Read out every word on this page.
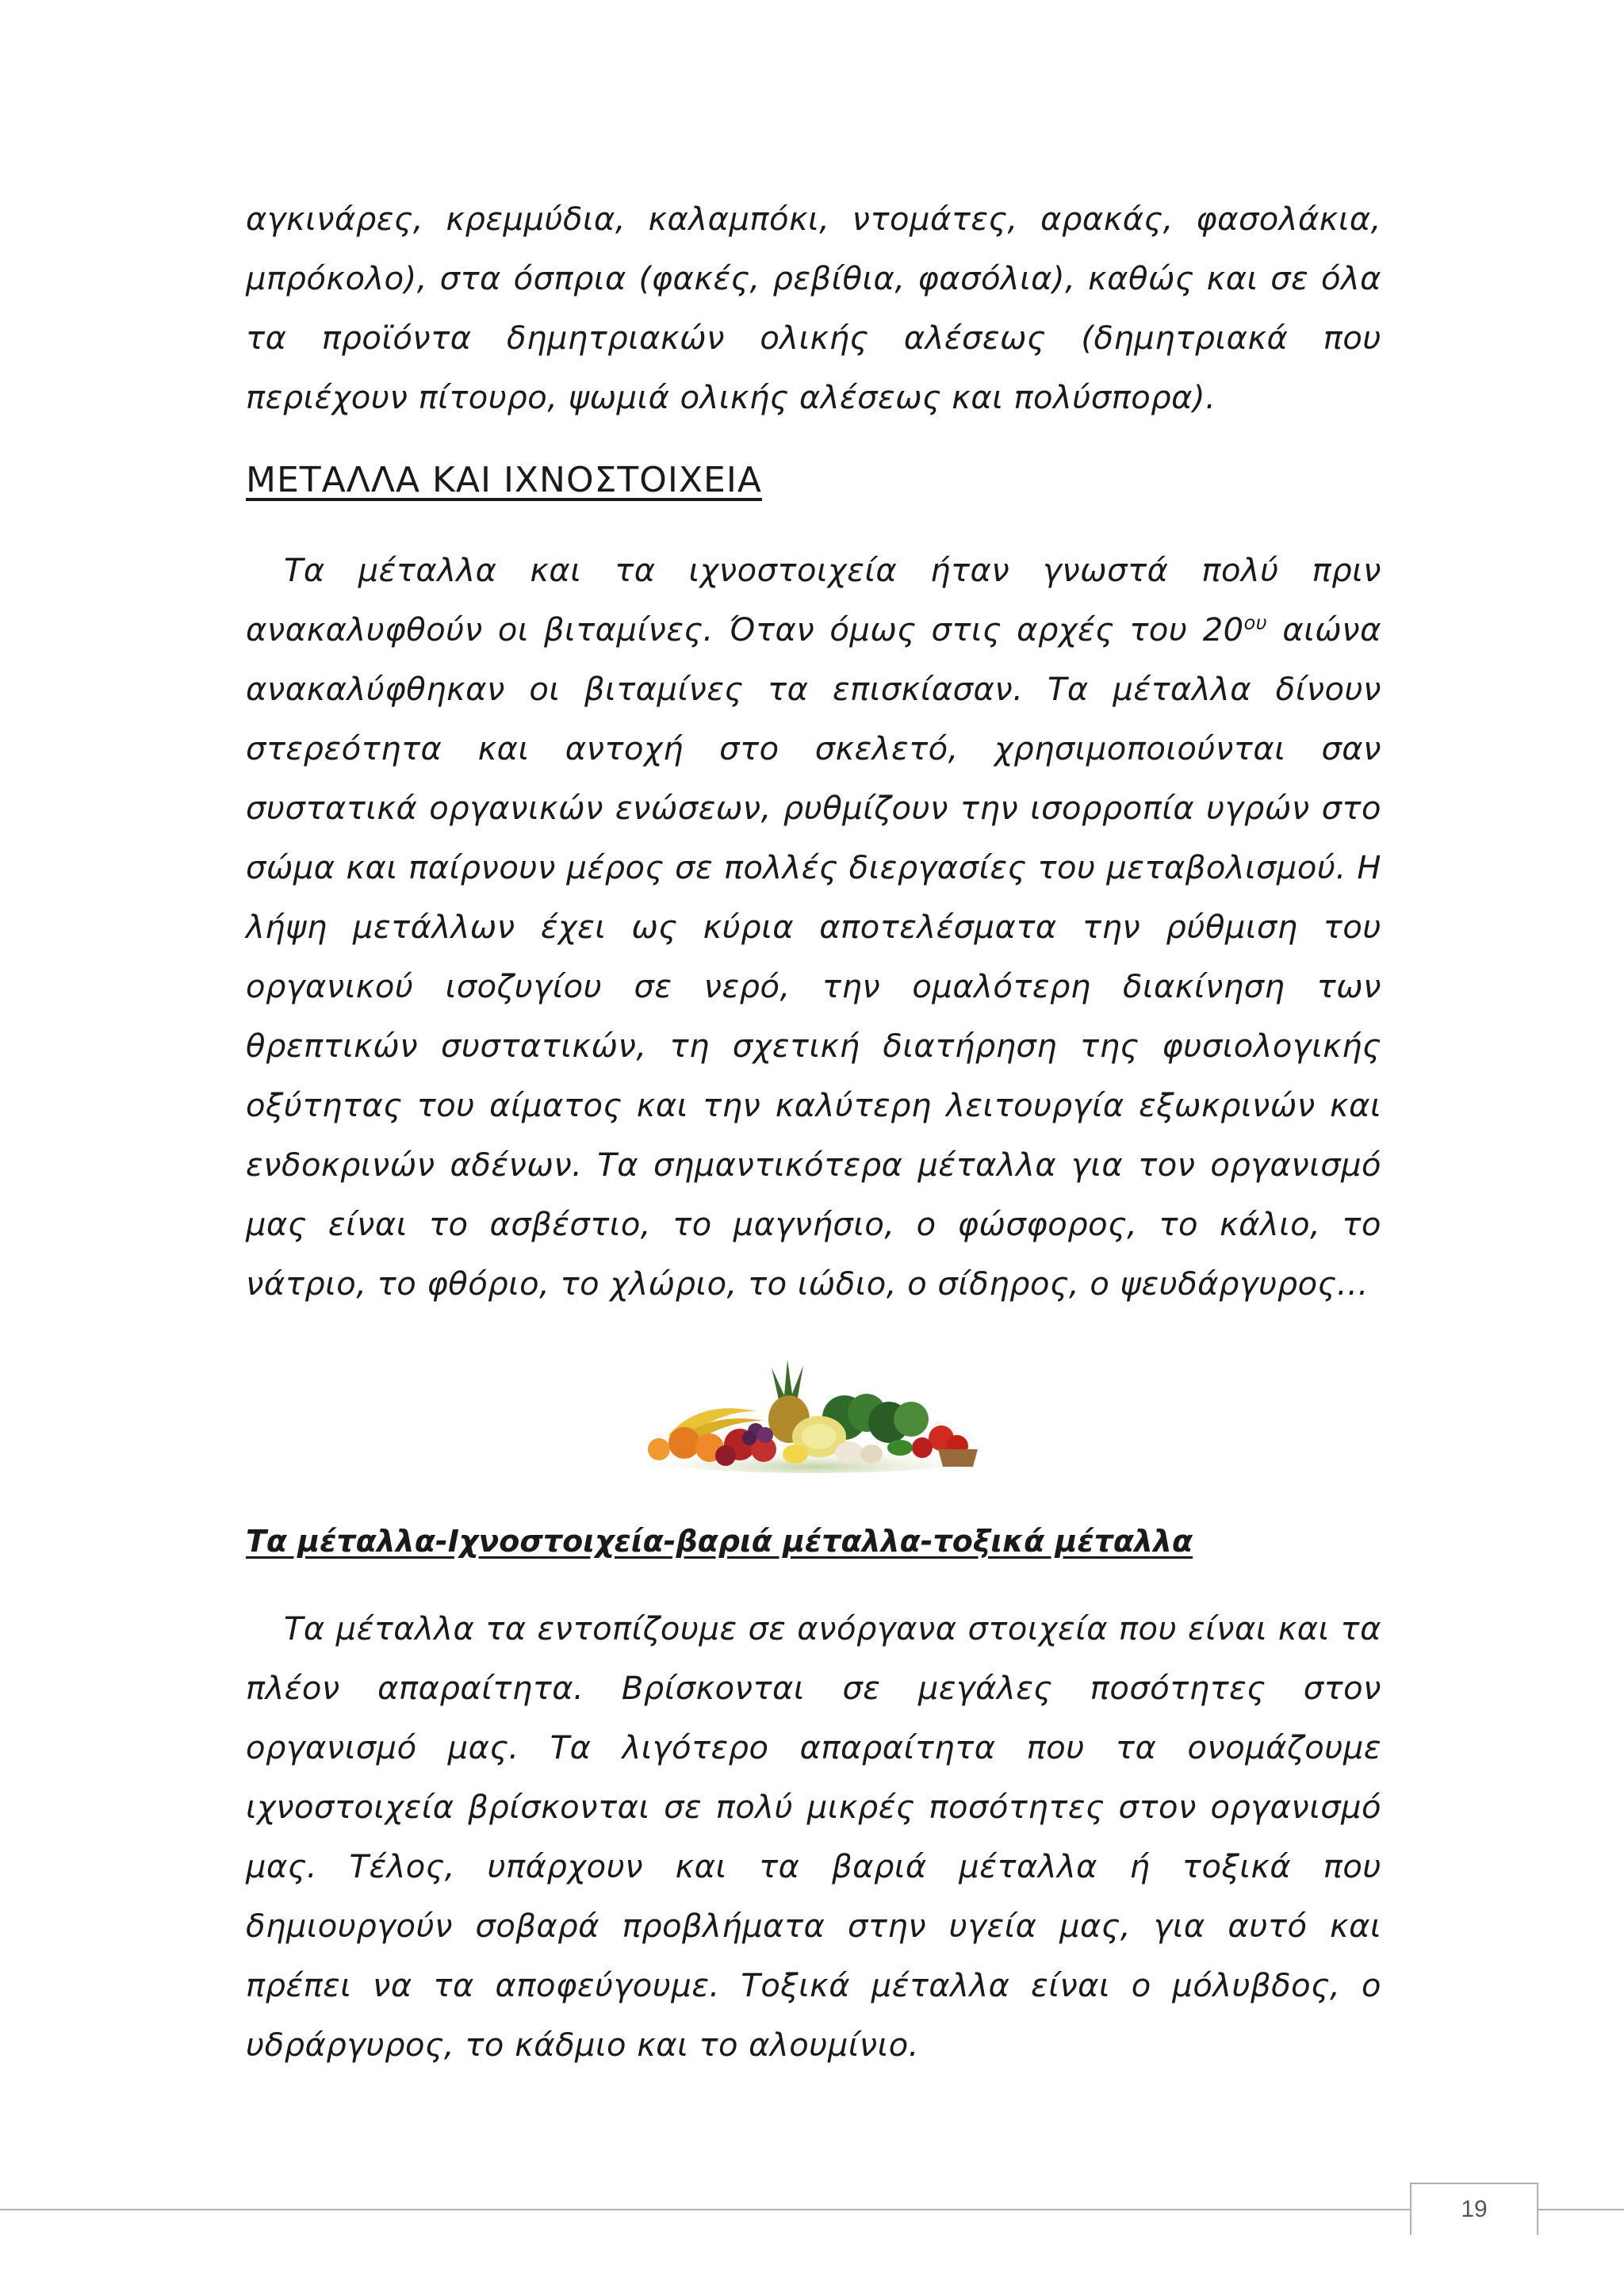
αγκινάρες, κρεμμύδια, καλαμπόκι, ντομάτες, αρακάς, φασολάκια, μπρόκολο), στα όσπρια (φακές, ρεβίθια, φασόλια), καθώς και σε όλα τα προϊόντα δημητριακών ολικής αλέσεως (δημητριακά που περιέχουν πίτουρο, ψωμιά ολικής αλέσεως και πολύσπορα).

ΜΕΤΑΛΛΑ ΚΑΙ ΙΧΝΟΣΤΟΙΧΕΙΑ

Τα μέταλλα και τα ιχνοστοιχεία ήταν γνωστά πολύ πριν ανακαλυφθούν οι βιταμίνες. Όταν όμως στις αρχές του $20^{o\upsilon}$ αιώνα ανακαλύφθηκαν οι βιταμίνες τα επισκίασαν. Τα μέταλλα δίνουν στερεότητα και αντοχή στο σκελετό, χρησιμοποιούνται σαν συστατικά οργανικών ενώσεων, ρυθμίζουν την ισορροπία υγρών στο σώμα και παίρνουν μέρος σε πολλές διεργασίες του μεταβολισμού. Η λήψη μετάλλων έχει ως κύρια αποτελέσματα την ρύθμιση του οργανικού ισοζυγίου σε νερό, την ομαλότερη διακίνηση των θρεπτικών συστατικών, τη σχετική διατήρηση της φυσιολογικής οξύτητας του αίματος και την καλύτερη λειτουργία εξωκρινών και ενδοκρινών αδένων. Τα σημαντικότερα μέταλλα για τον οργανισμό μας είναι το ασβέστιο, το μαγνήσιο, ο φώσφορος, το κάλιο, το νάτριο, το φθόριο, το χλώριο, το ιώδιο, ο σίδηρος, ο ψευδάργυρος…

Τα μέταλλα-Ιχνοστοιχεία-βαριά μέταλλα-τοξικά μέταλλα

Τα μέταλλα τα εντοπίζουμε σε ανόργανα στοιχεία που είναι και τα πλέον απαραίτητα. Βρίσκονται σε μεγάλες ποσότητες στον οργανισμό μας. Τα λιγότερο απαραίτητα που τα ονομάζουμε ιχνοστοιχεία βρίσκονται σε πολύ μικρές ποσότητες στον οργανισμό μας. Τέλος, υπάρχουν και τα βαριά μέταλλα ή τοξικά που δημιουργούν σοβαρά προβλήματα στην υγεία μας, για αυτό και πρέπει να τα αποφεύγουμε. Τοξικά μέταλλα είναι ο μόλυβδος, ο υδράργυρος, το κάδμιο και το αλουμίνιο.

19
